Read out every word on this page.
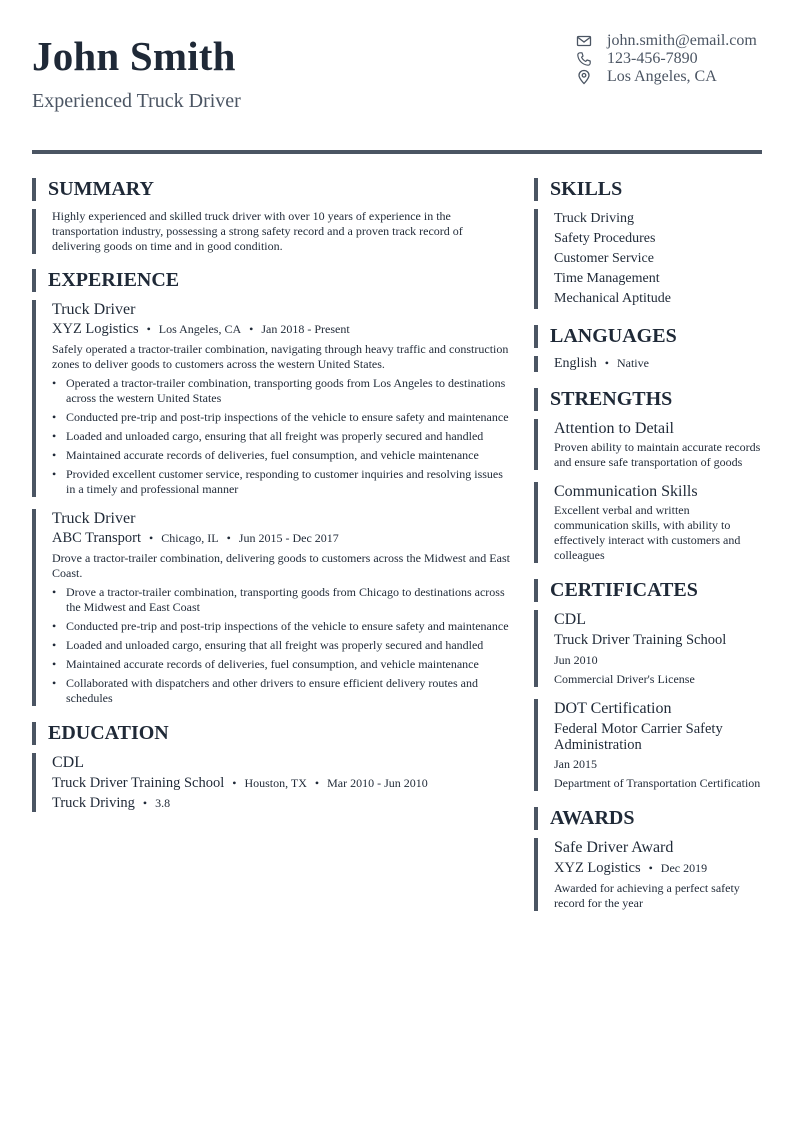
John Smith
Experienced Truck Driver
john.smith@email.com
123-456-7890
Los Angeles, CA
SUMMARY
Highly experienced and skilled truck driver with over 10 years of experience in the transportation industry, possessing a strong safety record and a proven track record of delivering goods on time and in good condition.
EXPERIENCE
Truck Driver
XYZ Logistics • Los Angeles, CA • Jan 2018 - Present
Safely operated a tractor-trailer combination, navigating through heavy traffic and construction zones to deliver goods to customers across the western United States.
• Operated a tractor-trailer combination, transporting goods from Los Angeles to destinations across the western United States
• Conducted pre-trip and post-trip inspections of the vehicle to ensure safety and maintenance
• Loaded and unloaded cargo, ensuring that all freight was properly secured and handled
• Maintained accurate records of deliveries, fuel consumption, and vehicle maintenance
• Provided excellent customer service, responding to customer inquiries and resolving issues in a timely and professional manner
Truck Driver
ABC Transport • Chicago, IL • Jun 2015 - Dec 2017
Drove a tractor-trailer combination, delivering goods to customers across the Midwest and East Coast.
• Drove a tractor-trailer combination, transporting goods from Chicago to destinations across the Midwest and East Coast
• Conducted pre-trip and post-trip inspections of the vehicle to ensure safety and maintenance
• Loaded and unloaded cargo, ensuring that all freight was properly secured and handled
• Maintained accurate records of deliveries, fuel consumption, and vehicle maintenance
• Collaborated with dispatchers and other drivers to ensure efficient delivery routes and schedules
EDUCATION
CDL
Truck Driver Training School • Houston, TX • Mar 2010 - Jun 2010
Truck Driving • 3.8
SKILLS
Truck Driving
Safety Procedures
Customer Service
Time Management
Mechanical Aptitude
LANGUAGES
English • Native
STRENGTHS
Attention to Detail
Proven ability to maintain accurate records and ensure safe transportation of goods
Communication Skills
Excellent verbal and written communication skills, with ability to effectively interact with customers and colleagues
CERTIFICATES
CDL
Truck Driver Training School
Jun 2010
Commercial Driver's License
DOT Certification
Federal Motor Carrier Safety Administration
Jan 2015
Department of Transportation Certification
AWARDS
Safe Driver Award
XYZ Logistics • Dec 2019
Awarded for achieving a perfect safety record for the year
